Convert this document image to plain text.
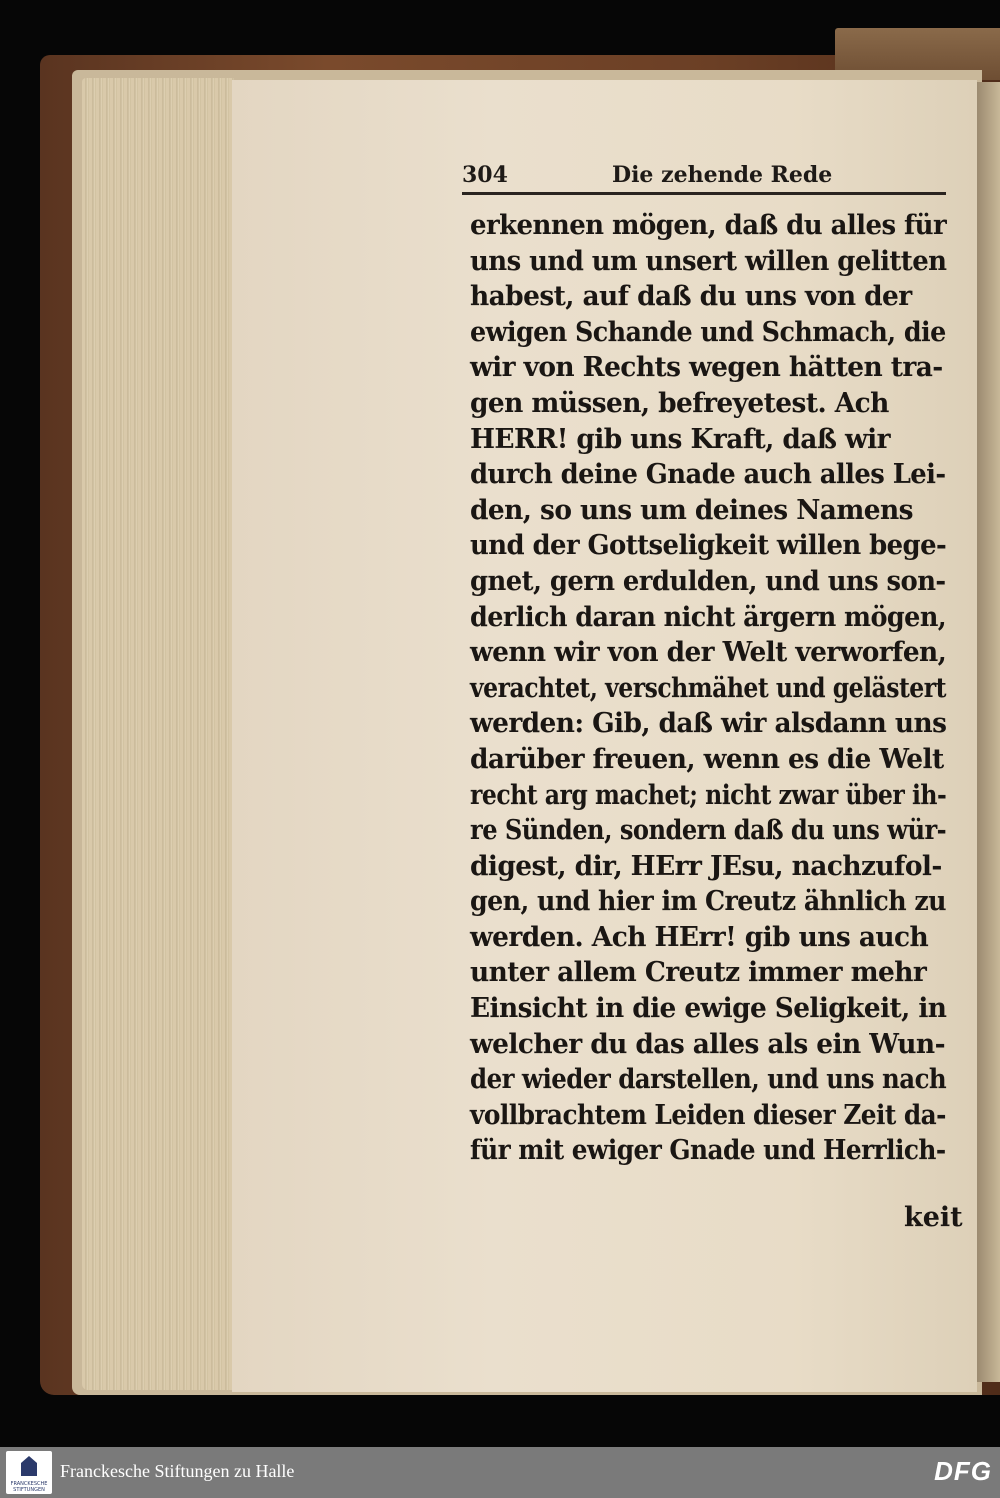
304	Die zehende Rede
erkennen mögen, daß du alles für
uns und um unsert willen gelitten
habest, auf daß du uns von der
ewigen Schande und Schmach, die
wir von Rechts wegen hätten tra-
gen müssen, befreyetest. Ach
HERR! gib uns Kraft, daß wir
durch deine Gnade auch alles Lei-
den, so uns um deines Namens
und der Gottseligkeit willen bege-
gnet, gern erdulden, und uns son-
derlich daran nicht ärgern mögen,
wenn wir von der Welt verworfen,
verachtet, verschmähet und gelästert
werden: Gib, daß wir alsdann uns
darüber freuen, wenn es die Welt
recht arg machet; nicht zwar über ih-
re Sünden, sondern daß du uns wür-
digest, dir, HErr JEsu, nachzufol-
gen, und hier im Creutz ähnlich zu
werden. Ach HErr! gib uns auch
unter allem Creutz immer mehr
Einsicht in die ewige Seligkeit, in
welcher du das alles als ein Wun-
der wieder darstellen, und uns nach
vollbrachtem Leiden dieser Zeit da-
für mit ewiger Gnade und Herrlich-
keit
FRANCKESCHE STIFTUNGEN
Franckesche Stiftungen zu Halle	DFG
